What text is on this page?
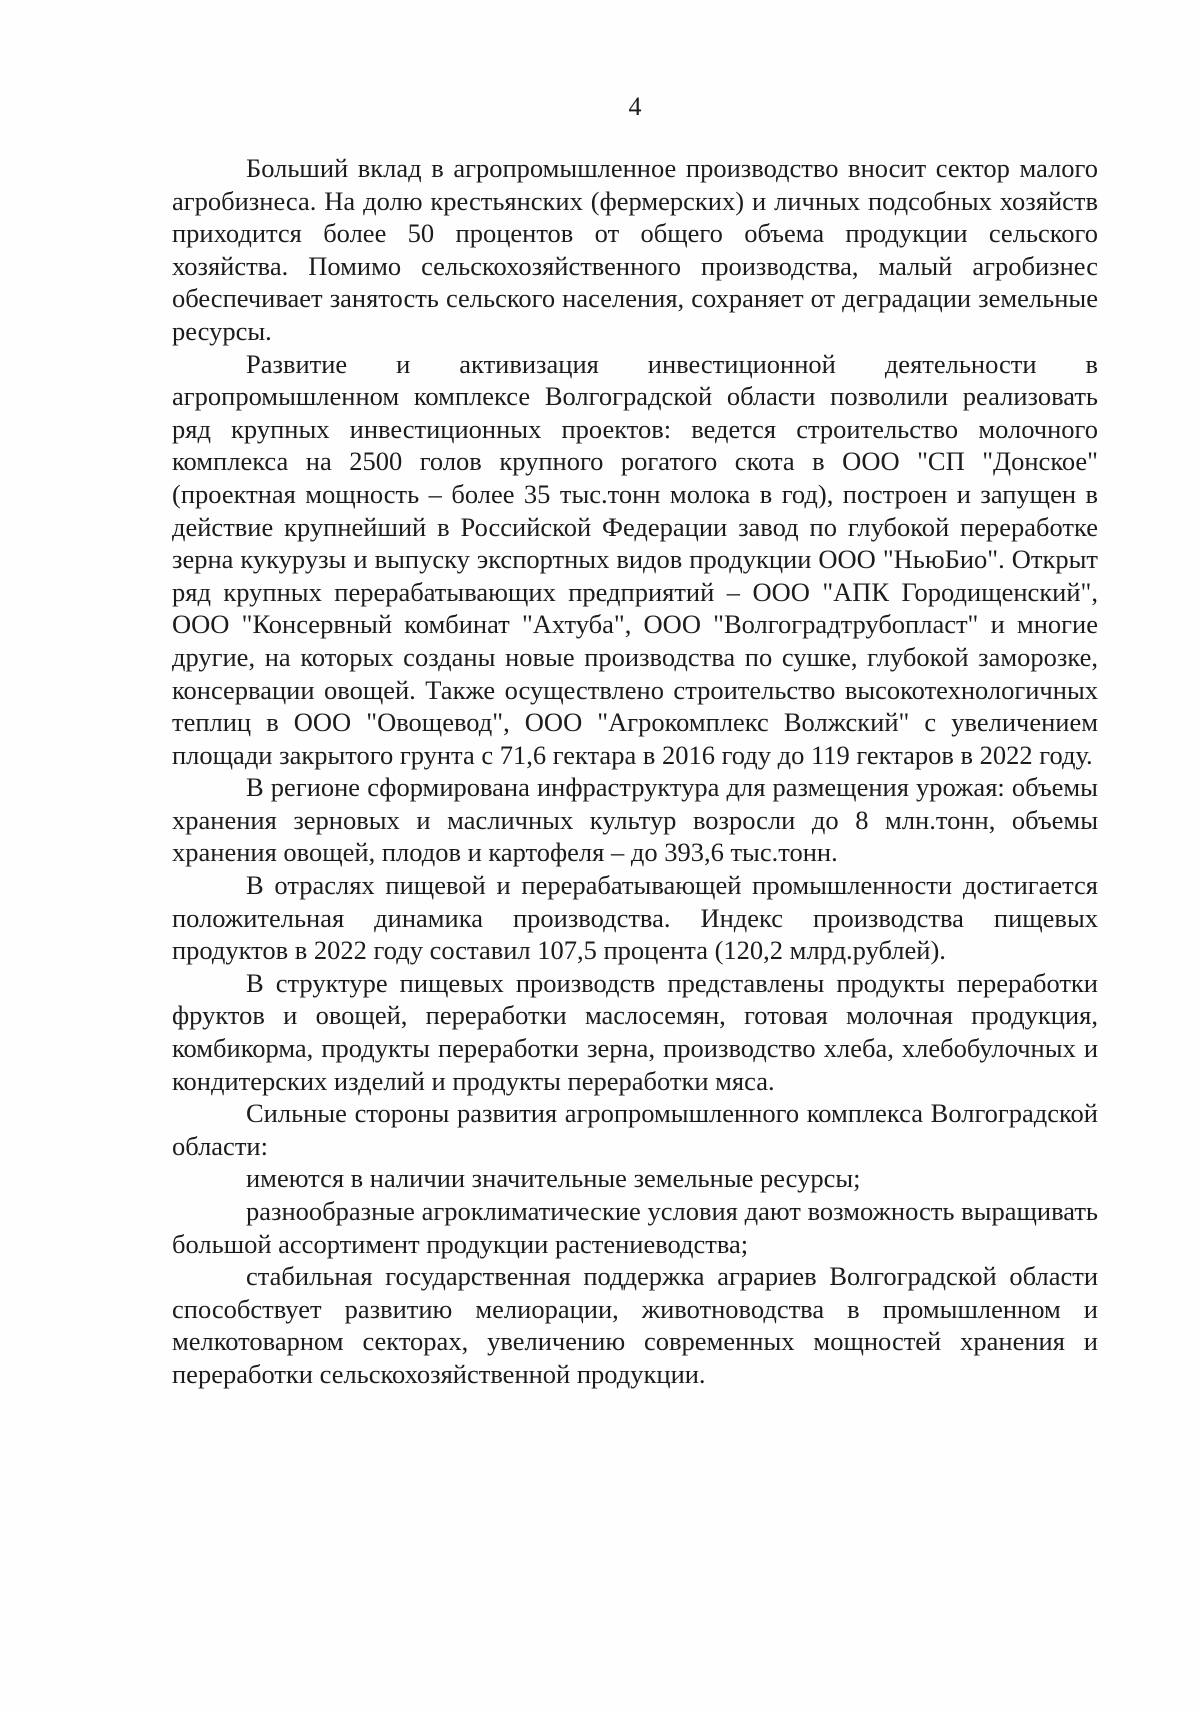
4

Больший вклад в агропромышленное производство вносит сектор малого агробизнеса. На долю крестьянских (фермерских) и личных подсобных хозяйств приходится более 50 процентов от общего объема продукции сельского хозяйства. Помимо сельскохозяйственного производства, малый агробизнес обеспечивает занятость сельского населения, сохраняет от деградации земельные ресурсы.

Развитие и активизация инвестиционной деятельности в агропромышленном комплексе Волгоградской области позволили реализовать ряд крупных инвестиционных проектов: ведется строительство молочного комплекса на 2500 голов крупного рогатого скота в ООО "СП "Донское" (проектная мощность – более 35 тыс.тонн молока в год), построен и запущен в действие крупнейший в Российской Федерации завод по глубокой переработке зерна кукурузы и выпуску экспортных видов продукции ООО "НьюБио". Открыт ряд крупных перерабатывающих предприятий – ООО "АПК Городищенский", ООО "Консервный комбинат "Ахтуба", ООО "Волгоградтрубопласт" и многие другие, на которых созданы новые производства по сушке, глубокой заморозке, консервации овощей. Также осуществлено строительство высокотехнологичных теплиц в ООО "Овощевод", ООО "Агрокомплекс Волжский" с увеличением площади закрытого грунта с 71,6 гектара в 2016 году до 119 гектаров в 2022 году.

В регионе сформирована инфраструктура для размещения урожая: объемы хранения зерновых и масличных культур возросли до 8 млн.тонн, объемы хранения овощей, плодов и картофеля – до 393,6 тыс.тонн.

В отраслях пищевой и перерабатывающей промышленности достигается положительная динамика производства. Индекс производства пищевых продуктов в 2022 году составил 107,5 процента (120,2 млрд.рублей).

В структуре пищевых производств представлены продукты переработки фруктов и овощей, переработки маслосемян, готовая молочная продукция, комбикорма, продукты переработки зерна, производство хлеба, хлебобулочных и кондитерских изделий и продукты переработки мяса.

Сильные стороны развития агропромышленного комплекса Волгоградской области:

имеются в наличии значительные земельные ресурсы;

разнообразные агроклиматические условия дают возможность выращивать большой ассортимент продукции растениеводства;

стабильная государственная поддержка аграриев Волгоградской области способствует развитию мелиорации, животноводства в промышленном и мелкотоварном секторах, увеличению современных мощностей хранения и переработки сельскохозяйственной продукции.
